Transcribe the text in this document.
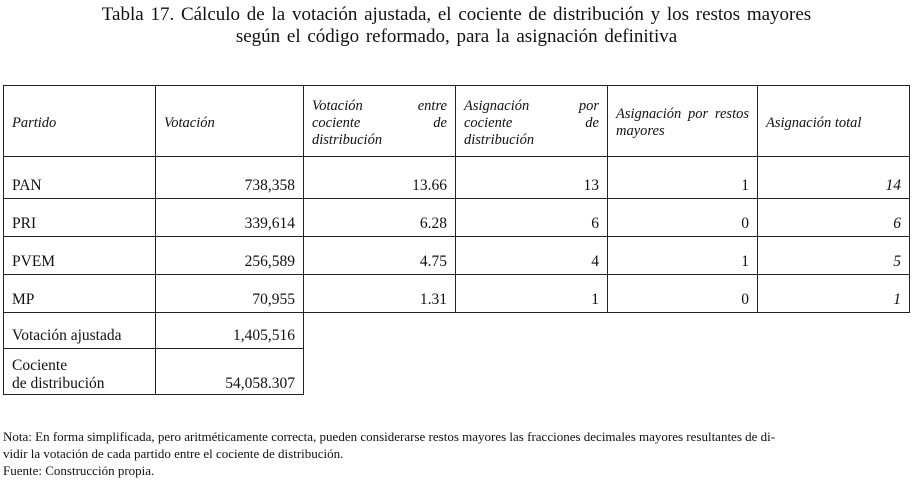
Tabla 17. Cálculo de la votación ajustada, el cociente de distribución y los restos mayores
según el código reformado, para la asignación definitiva
Partido	Votación	Votación entre cociente de distribución	Asignación por cociente de distribución	Asignación por restos mayores	Asignación total
PAN	738,358	13.66	13	1	14
PRI	339,614	6.28	6	0	6
PVEM	256,589	4.75	4	1	5
MP	70,955	1.31	1	0	1
Votación ajustada	1,405,516				
Cociente
de distribución	54,058.307				
Nota: En forma simplificada, pero aritméticamente correcta, pueden considerarse restos mayores las fracciones decimales mayores resultantes de di-
vidir la votación de cada partido entre el cociente de distribución.
Fuente: Construcción propia.
